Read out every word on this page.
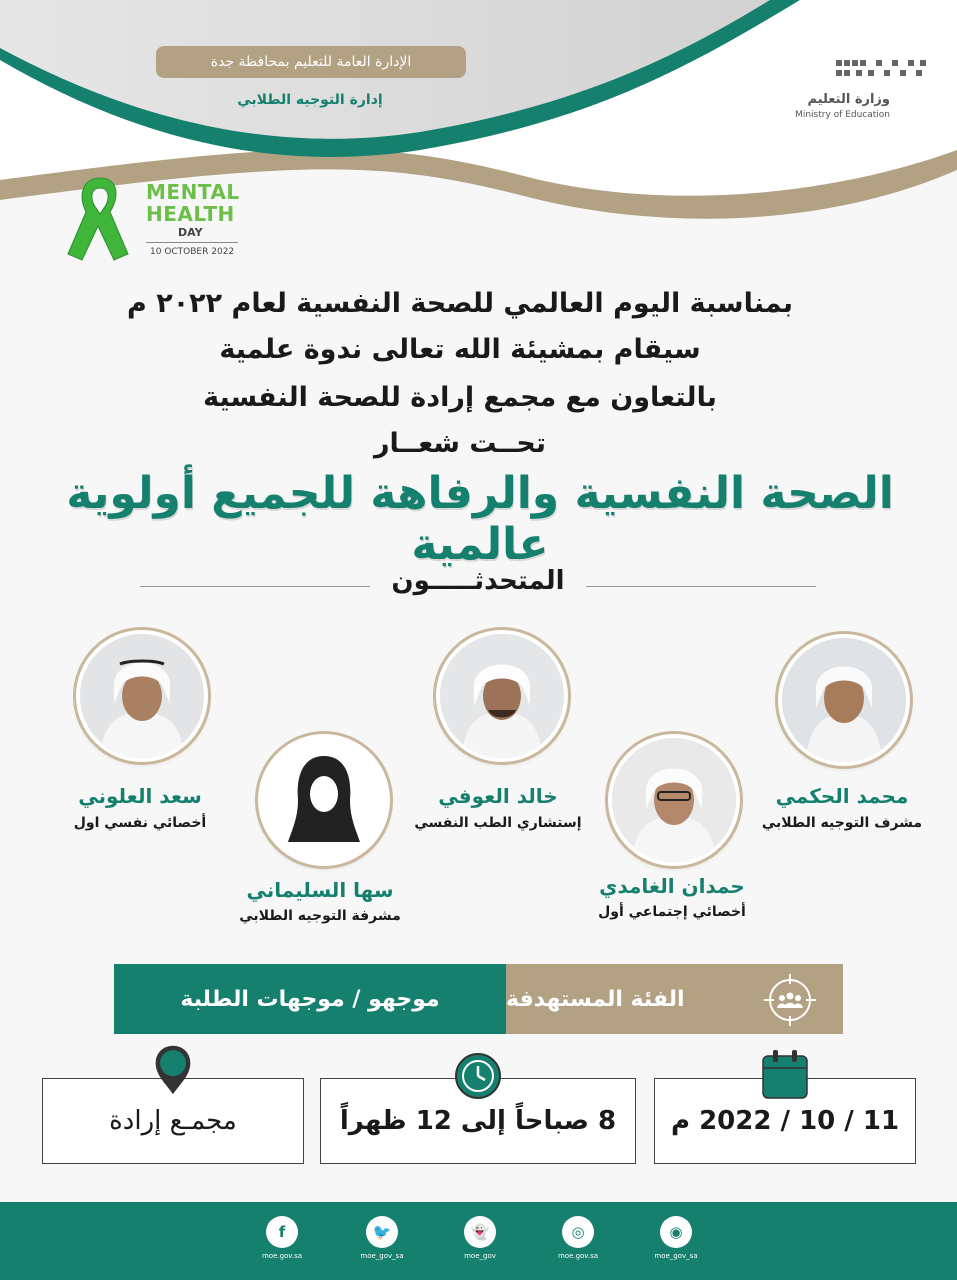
الإدارة العامة للتعليم بمحافظة جدة
إدارة التوجيه الطلابي	وزارة التعليم
Ministry of Education
MENTAL
HEALTH
DAY
10 OCTOBER 2022
بمناسبة اليوم العالمي للصحة النفسية لعام ٢٠٢٢ م
سيقام بمشيئة الله تعالى ندوة علمية
بالتعاون مع مجمع إرادة للصحة النفسية
تحــت شعــار
الصحة النفسية والرفاهة للجميع أولوية عالمية
المتحدثـــــون
محمد الحكمي
مشرف التوجيه الطلابي
حمدان الغامدي
أخصائي إجتماعي أول
خالد العوفي
إستشاري الطب النفسي
سها السليماني
مشرفة التوجيه الطلابي
سعد العلوني
أخصائي نفسي اول
موجهو / موجهات الطلبة	الفئة المستهدفة
11 / 10 / 2022 م
8 صباحاً إلى 12 ظهراً
مجمـع إرادة
f	🐦	👻	◎	◉
moe.gov.sa	moe_gov_sa	moe_gov	moe.gov.sa	moe_gov_sa
